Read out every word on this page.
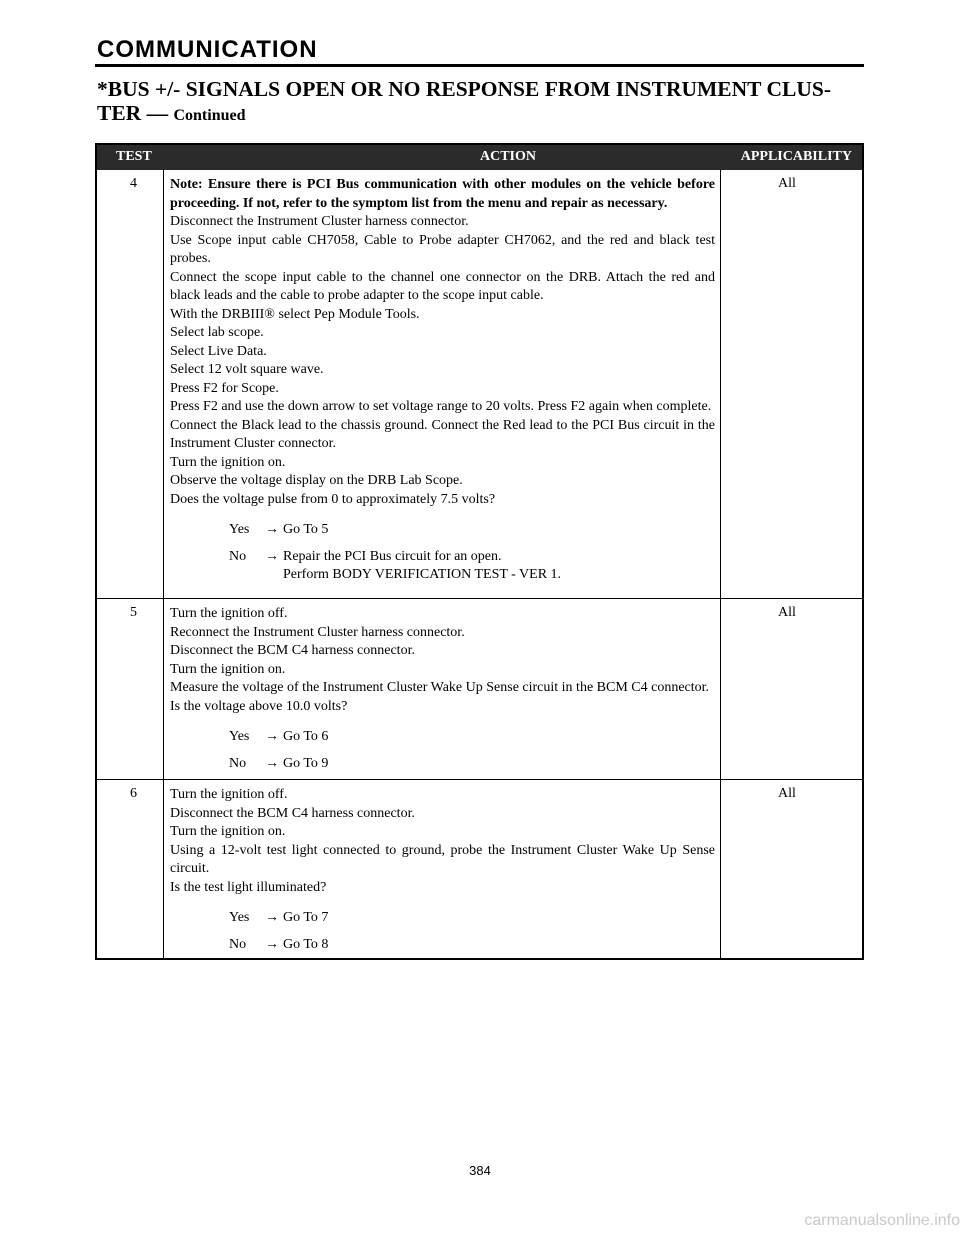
COMMUNICATION
*BUS +/- SIGNALS OPEN OR NO RESPONSE FROM INSTRUMENT CLUS-
TER — Continued
TEST	ACTION	APPLICABILITY
4 Note: Ensure there is PCI Bus communication with other modules on the vehicle before proceeding. If not, refer to the symptom list from the menu and repair as necessary.

Disconnect the Instrument Cluster harness connector.

Use Scope input cable CH7058, Cable to Probe adapter CH7062, and the red and black test probes.

Connect the scope input cable to the channel one connector on the DRB. Attach the red and black leads and the cable to probe adapter to the scope input cable.

With the DRBIII® select Pep Module Tools.

Select lab scope.

Select Live Data.

Select 12 volt square wave.

Press F2 for Scope.

Press F2 and use the down arrow to set voltage range to 20 volts. Press F2 again when complete.

Connect the Black lead to the chassis ground. Connect the Red lead to the PCI Bus circuit in the Instrument Cluster connector.

Turn the ignition on.

Observe the voltage display on the DRB Lab Scope.

Does the voltage pulse from 0 to approximately 7.5 volts?

Yes → Go To 5
No → Repair the PCI Bus circuit for an open.
Perform BODY VERIFICATION TEST - VER 1.
All
5 Turn the ignition off.

Reconnect the Instrument Cluster harness connector.

Disconnect the BCM C4 harness connector.

Turn the ignition on.

Measure the voltage of the Instrument Cluster Wake Up Sense circuit in the BCM C4 connector.

Is the voltage above 10.0 volts?

Yes → Go To 6
No → Go To 9
All
6 Turn the ignition off.

Disconnect the BCM C4 harness connector.

Turn the ignition on.

Using a 12-volt test light connected to ground, probe the Instrument Cluster Wake Up Sense circuit.

Is the test light illuminated?

Yes → Go To 7
No → Go To 8
All
384
carmanualsonline.info
